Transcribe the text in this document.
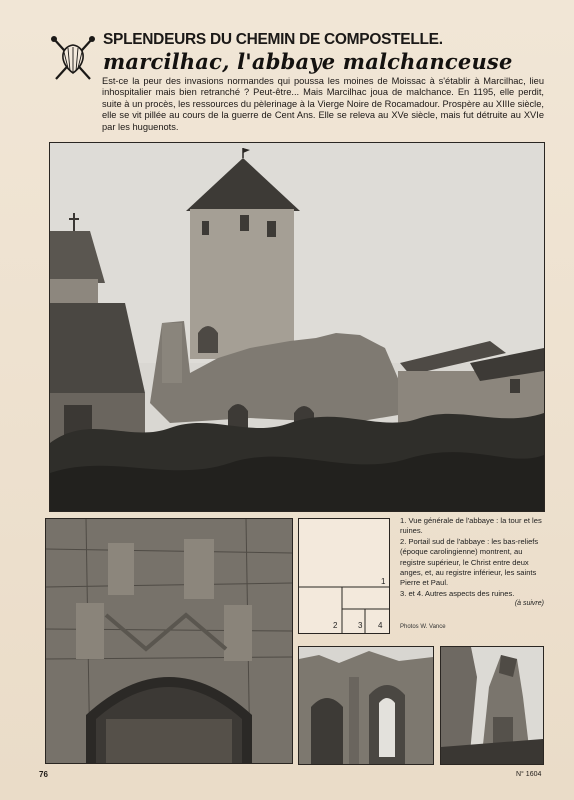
SPLENDEURS DU CHEMIN DE COMPOSTELLE.
marcilhac, l'abbaye malchanceuse
Est-ce la peur des invasions normandes qui poussa les moines de Moissac à s'établir à Marcilhac, lieu inhospitalier mais bien retranché ? Peut-être... Mais Marcilhac joua de malchance. En 1195, elle perdit, suite à un procès, les ressources du pèlerinage à la Vierge Noire de Rocamadour. Prospère au XIIIe siècle, elle se vit pillée au cours de la guerre de Cent Ans. Elle se releva au XVe siècle, mais fut détruite au XVIe par les huguenots.
1
2	3 4

1. Vue générale de l'abbaye : la tour et les ruines.

2. Portail sud de l'abbaye : les bas-reliefs (époque carolingienne) montrent, au registre supérieur, le Christ entre deux anges, et, au registre inférieur, les saints Pierre et Paul.

3. et 4. Autres aspects des ruines.

(à suivre)

Photos W. Vance
76	N° 1604
